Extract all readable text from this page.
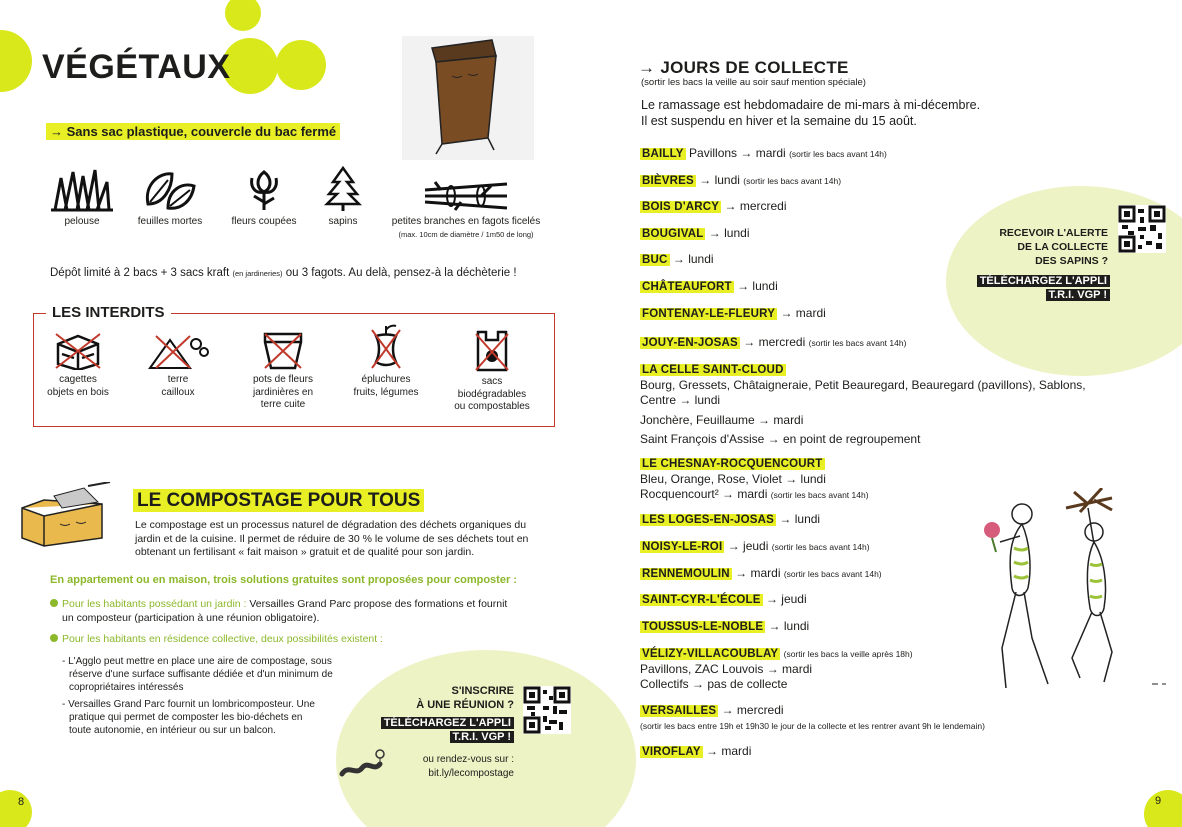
VÉGÉTAUX
→ Sans sac plastique, couvercle du bac fermé
pelouse	feuilles mortes	fleurs coupées	sapins	petites branches en fagots ficelés
(max. 10cm de diamètre / 1m50 de long)
Dépôt limité à 2 bacs + 3 sacs kraft (en jardineries) ou 3 fagots. Au delà, pensez-à la déchèterie !
LES INTERDITS
cagettes
objets en bois
terre
cailloux
pots de fleurs
jardinières en
terre cuite
épluchures
fruits, légumes
sacs
biodégradables
ou compostables
LE COMPOSTAGE POUR TOUS
Le compostage est un processus naturel de dégradation des déchets organiques du
jardin et de la cuisine. Il permet de réduire de 30 % le volume de ses déchets tout en
obtenant un fertilisant « fait maison » gratuit et de qualité pour son jardin.
En appartement ou en maison, trois solutions gratuites sont proposées pour composter :
Pour les habitants possédant un jardin : Versailles Grand Parc propose des formations et fournit
un composteur (participation à une réunion obligatoire).
Pour les habitants en résidence collective, deux possibilités existent :
- L'Agglo peut mettre en place une aire de compostage, sous
réserve d'une surface suffisante dédiée et d'un minimum de
copropriétaires intéressés
- Versailles Grand Parc fournit un lombricomposteur. Une
pratique qui permet de composter les bio-déchets en
toute autonomie, en intérieur ou sur un balcon.
S'INSCRIRE
À UNE RÉUNION ?
TÉLÉCHARGEZ L'APPLI
T.R.I. VGP !
ou rendez-vous sur :
bit.ly/lecompostage
8
→ JOURS DE COLLECTE
(sortir les bacs la veille au soir sauf mention spéciale)
Le ramassage est hebdomadaire de mi-mars à mi-décembre.
Il est suspendu en hiver et la semaine du 15 août.
RECEVOIR L'ALERTE
DE LA COLLECTE
DES SAPINS ?
TÉLÉCHARGEZ L'APPLI
T.R.I. VGP !
BAILLY Pavillons → mardi (sortir les bacs avant 14h)
BIÈVRES → lundi (sortir les bacs avant 14h)
BOIS D'ARCY → mercredi
BOUGIVAL → lundi
BUC → lundi
CHÂTEAUFORT → lundi
FONTENAY-LE-FLEURY → mardi
JOUY-EN-JOSAS → mercredi (sortir les bacs avant 14h)
LA CELLE SAINT-CLOUD
Bourg, Gressets, Châtaigneraie, Petit Beauregard, Beauregard (pavillons), Sablons,
Centre → lundi
Jonchère, Feuillaume → mardi
Saint François d'Assise → en point de regroupement
LE CHESNAY-ROCQUENCOURT
Bleu, Orange, Rose, Violet → lundi
Rocquencourt² → mardi (sortir les bacs avant 14h)
LES LOGES-EN-JOSAS → lundi
NOISY-LE-ROI → jeudi (sortir les bacs avant 14h)
RENNEMOULIN → mardi (sortir les bacs avant 14h)
SAINT-CYR-L'ÉCOLE → jeudi
TOUSSUS-LE-NOBLE → lundi
VÉLIZY-VILLACOUBLAY (sortir les bacs la veille après 18h)
Pavillons, ZAC Louvois → mardi
Collectifs → pas de collecte
VERSAILLES → mercredi
(sortir les bacs entre 19h et 19h30 le jour de la collecte et les rentrer avant 9h le lendemain)
VIROFLAY → mardi
9
